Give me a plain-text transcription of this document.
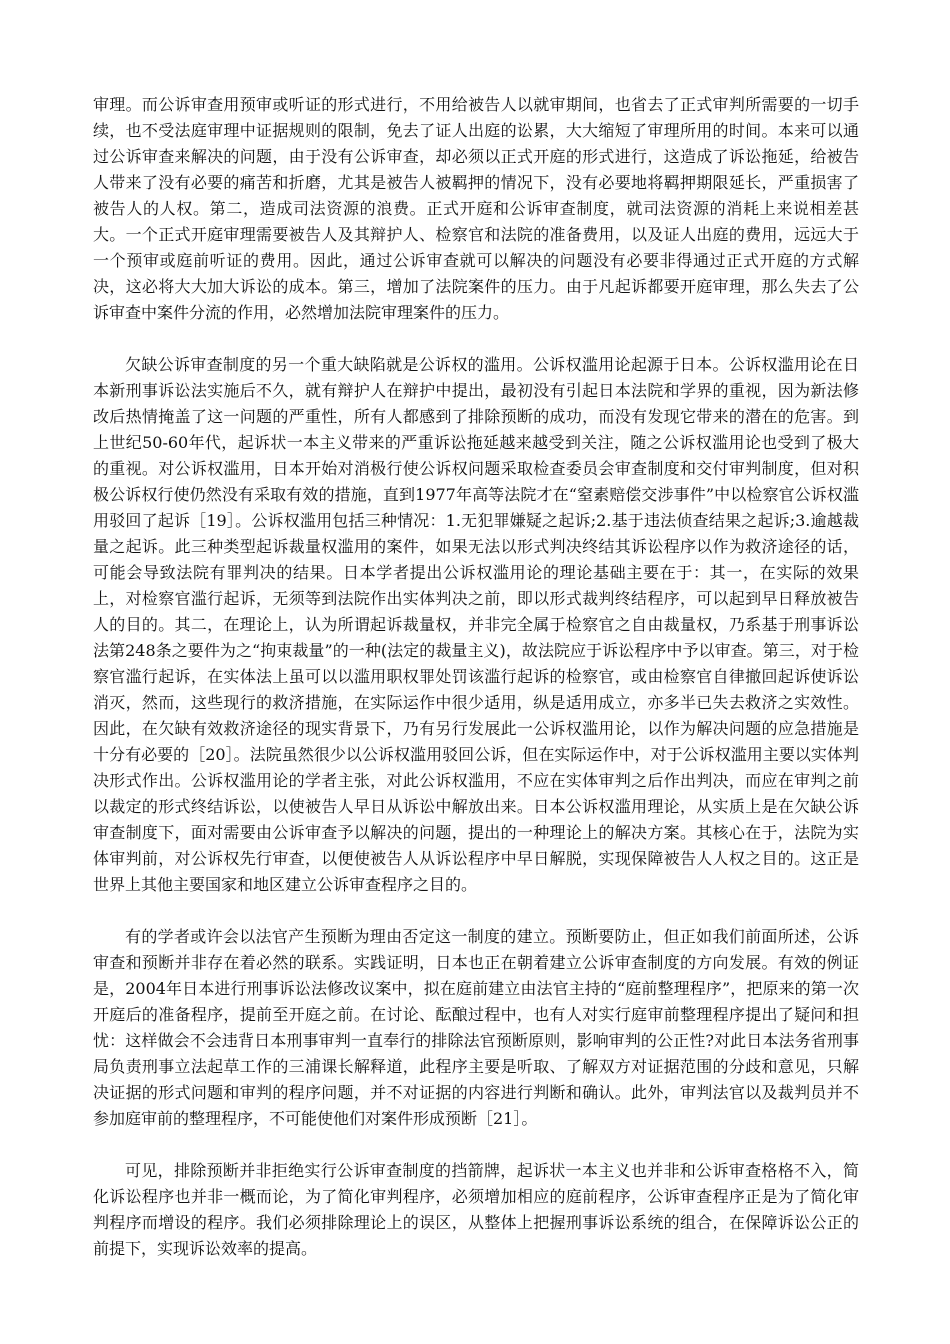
审理。而公诉审查用预审或听证的形式进行，不用给被告人以就审期间，也省去了正式审判所需要的一切手续，也不受法庭审理中证据规则的限制，免去了证人出庭的讼累，大大缩短了审理所用的时间。本来可以通过公诉审查来解决的问题，由于没有公诉审查，却必须以正式开庭的形式进行，这造成了诉讼拖延，给被告人带来了没有必要的痛苦和折磨，尤其是被告人被羁押的情况下，没有必要地将羁押期限延长，严重损害了被告人的人权。第二，造成司法资源的浪费。正式开庭和公诉审查制度，就司法资源的消耗上来说相差甚大。一个正式开庭审理需要被告人及其辩护人、检察官和法院的准备费用，以及证人出庭的费用，远远大于一个预审或庭前听证的费用。因此，通过公诉审查就可以解决的问题没有必要非得通过正式开庭的方式解决，这必将大大加大诉讼的成本。第三，增加了法院案件的压力。由于凡起诉都要开庭审理，那么失去了公诉审查中案件分流的作用，必然增加法院审理案件的压力。

欠缺公诉审查制度的另一个重大缺陷就是公诉权的滥用。公诉权滥用论起源于日本。公诉权滥用论在日本新刑事诉讼法实施后不久，就有辩护人在辩护中提出，最初没有引起日本法院和学界的重视，因为新法修改后热情掩盖了这一问题的严重性，所有人都感到了排除预断的成功，而没有发现它带来的潜在的危害。到上世纪50-60年代，起诉状一本主义带来的严重诉讼拖延越来越受到关注，随之公诉权滥用论也受到了极大的重视。对公诉权滥用，日本开始对消极行使公诉权问题采取检查委员会审查制度和交付审判制度，但对积极公诉权行使仍然没有采取有效的措施，直到1977年高等法院才在“窒素赔偿交涉事件”中以检察官公诉权滥用驳回了起诉［19］。公诉权滥用包括三种情况：1.无犯罪嫌疑之起诉;2.基于违法侦查结果之起诉;3.逾越裁量之起诉。此三种类型起诉裁量权滥用的案件，如果无法以形式判决终结其诉讼程序以作为救济途径的话，可能会导致法院有罪判决的结果。日本学者提出公诉权滥用论的理论基础主要在于：其一，在实际的效果上，对检察官滥行起诉，无须等到法院作出实体判决之前，即以形式裁判终结程序，可以起到早日释放被告人的目的。其二，在理论上，认为所谓起诉裁量权，并非完全属于检察官之自由裁量权，乃系基于刑事诉讼法第248条之要件为之“拘束裁量”的一种(法定的裁量主义)，故法院应于诉讼程序中予以审查。第三，对于检察官滥行起诉，在实体法上虽可以以滥用职权罪处罚该滥行起诉的检察官，或由检察官自律撤回起诉使诉讼消灭，然而，这些现行的救济措施，在实际运作中很少适用，纵是适用成立，亦多半已失去救济之实效性。因此，在欠缺有效救济途径的现实背景下，乃有另行发展此一公诉权滥用论，以作为解决问题的应急措施是十分有必要的［20］。法院虽然很少以公诉权滥用驳回公诉，但在实际运作中，对于公诉权滥用主要以实体判决形式作出。公诉权滥用论的学者主张，对此公诉权滥用，不应在实体审判之后作出判决，而应在审判之前以裁定的形式终结诉讼，以使被告人早日从诉讼中解放出来。日本公诉权滥用理论，从实质上是在欠缺公诉审查制度下，面对需要由公诉审查予以解决的问题，提出的一种理论上的解决方案。其核心在于，法院为实体审判前，对公诉权先行审查，以便使被告人从诉讼程序中早日解脱，实现保障被告人人权之目的。这正是世界上其他主要国家和地区建立公诉审查程序之目的。

有的学者或许会以法官产生预断为理由否定这一制度的建立。预断要防止，但正如我们前面所述，公诉审查和预断并非存在着必然的联系。实践证明，日本也正在朝着建立公诉审查制度的方向发展。有效的例证是，2004年日本进行刑事诉讼法修改议案中，拟在庭前建立由法官主持的“庭前整理程序”，把原来的第一次开庭后的准备程序，提前至开庭之前。在讨论、酝酿过程中，也有人对实行庭审前整理程序提出了疑问和担忧：这样做会不会违背日本刑事审判一直奉行的排除法官预断原则，影响审判的公正性?对此日本法务省刑事局负责刑事立法起草工作的三浦课长解释道，此程序主要是听取、了解双方对证据范围的分歧和意见，只解决证据的形式问题和审判的程序问题，并不对证据的内容进行判断和确认。此外，审判法官以及裁判员并不参加庭审前的整理程序，不可能使他们对案件形成预断［21］。

可见，排除预断并非拒绝实行公诉审查制度的挡箭牌，起诉状一本主义也并非和公诉审查格格不入，简化诉讼程序也并非一概而论，为了简化审判程序，必须增加相应的庭前程序，公诉审查程序正是为了简化审判程序而增设的程序。我们必须排除理论上的误区，从整体上把握刑事诉讼系统的组合，在保障诉讼公正的前提下，实现诉讼效率的提高。
